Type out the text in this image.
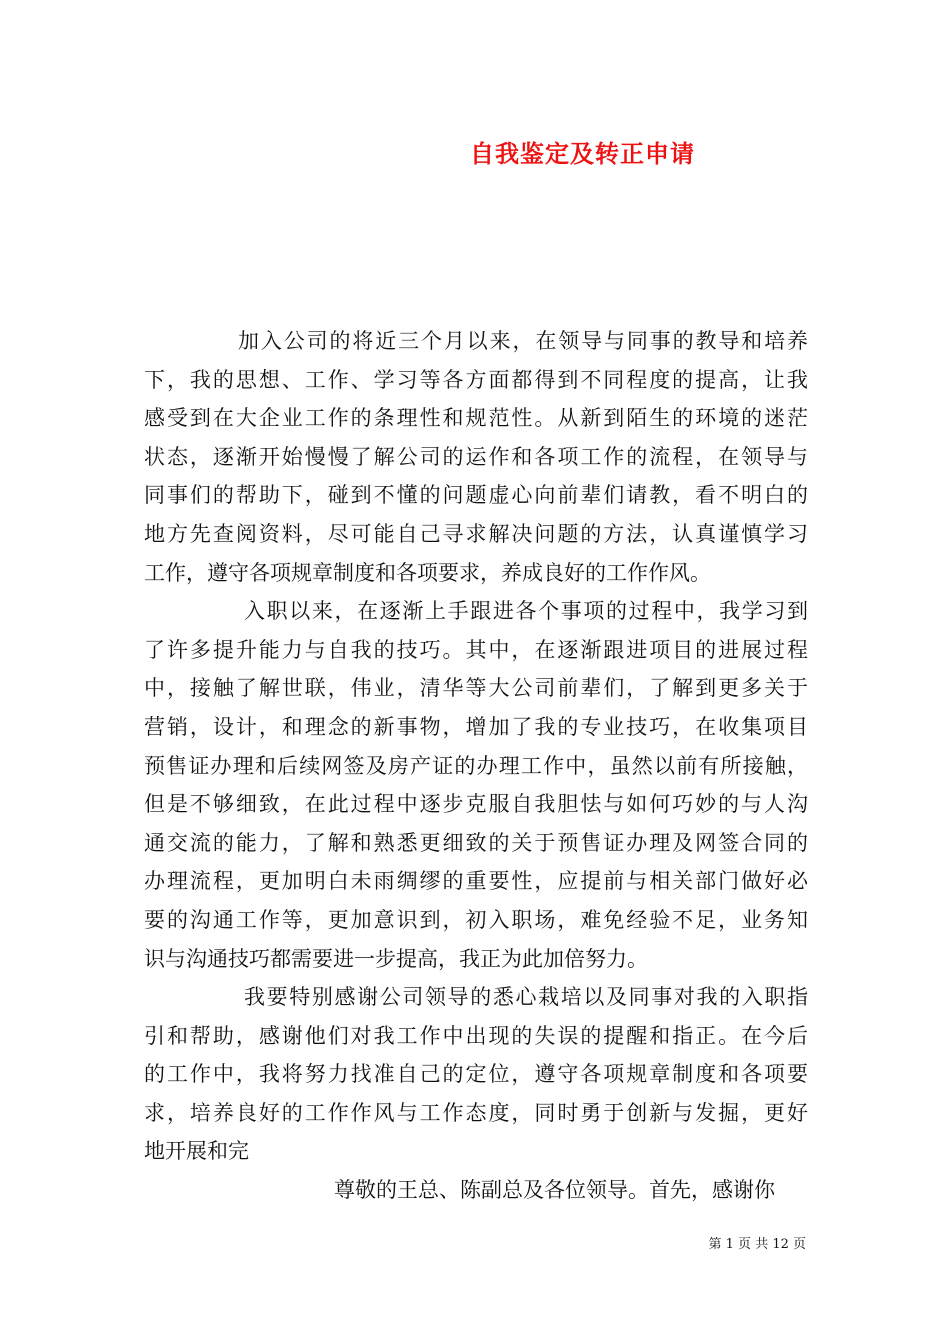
自我鉴定及转正申请
加入公司的将近三个月以来，在领导与同事的教导和培养
下，我的思想、工作、学习等各方面都得到不同程度的提高，让我
感受到在大企业工作的条理性和规范性。从新到陌生的环境的迷茫
状态，逐渐开始慢慢了解公司的运作和各项工作的流程，在领导与
同事们的帮助下，碰到不懂的问题虚心向前辈们请教，看不明白的
地方先查阅资料，尽可能自己寻求解决问题的方法，认真谨慎学习
工作，遵守各项规章制度和各项要求，养成良好的工作作风。
入职以来，在逐渐上手跟进各个事项的过程中，我学习到
了许多提升能力与自我的技巧。其中，在逐渐跟进项目的进展过程
中，接触了解世联，伟业，清华等大公司前辈们，了解到更多关于
营销，设计，和理念的新事物，增加了我的专业技巧，在收集项目
预售证办理和后续网签及房产证的办理工作中，虽然以前有所接触，
但是不够细致，在此过程中逐步克服自我胆怯与如何巧妙的与人沟
通交流的能力，了解和熟悉更细致的关于预售证办理及网签合同的
办理流程，更加明白未雨绸缪的重要性，应提前与相关部门做好必
要的沟通工作等，更加意识到，初入职场，难免经验不足，业务知
识与沟通技巧都需要进一步提高，我正为此加倍努力。
我要特别感谢公司领导的悉心栽培以及同事对我的入职指
引和帮助，感谢他们对我工作中出现的失误的提醒和指正。在今后
的工作中，我将努力找准自己的定位，遵守各项规章制度和各项要
求，培养良好的工作作风与工作态度，同时勇于创新与发掘，更好
地开展和完
尊敬的王总、陈副总及各位领导。首先，感谢你
第 1 页 共 12 页
